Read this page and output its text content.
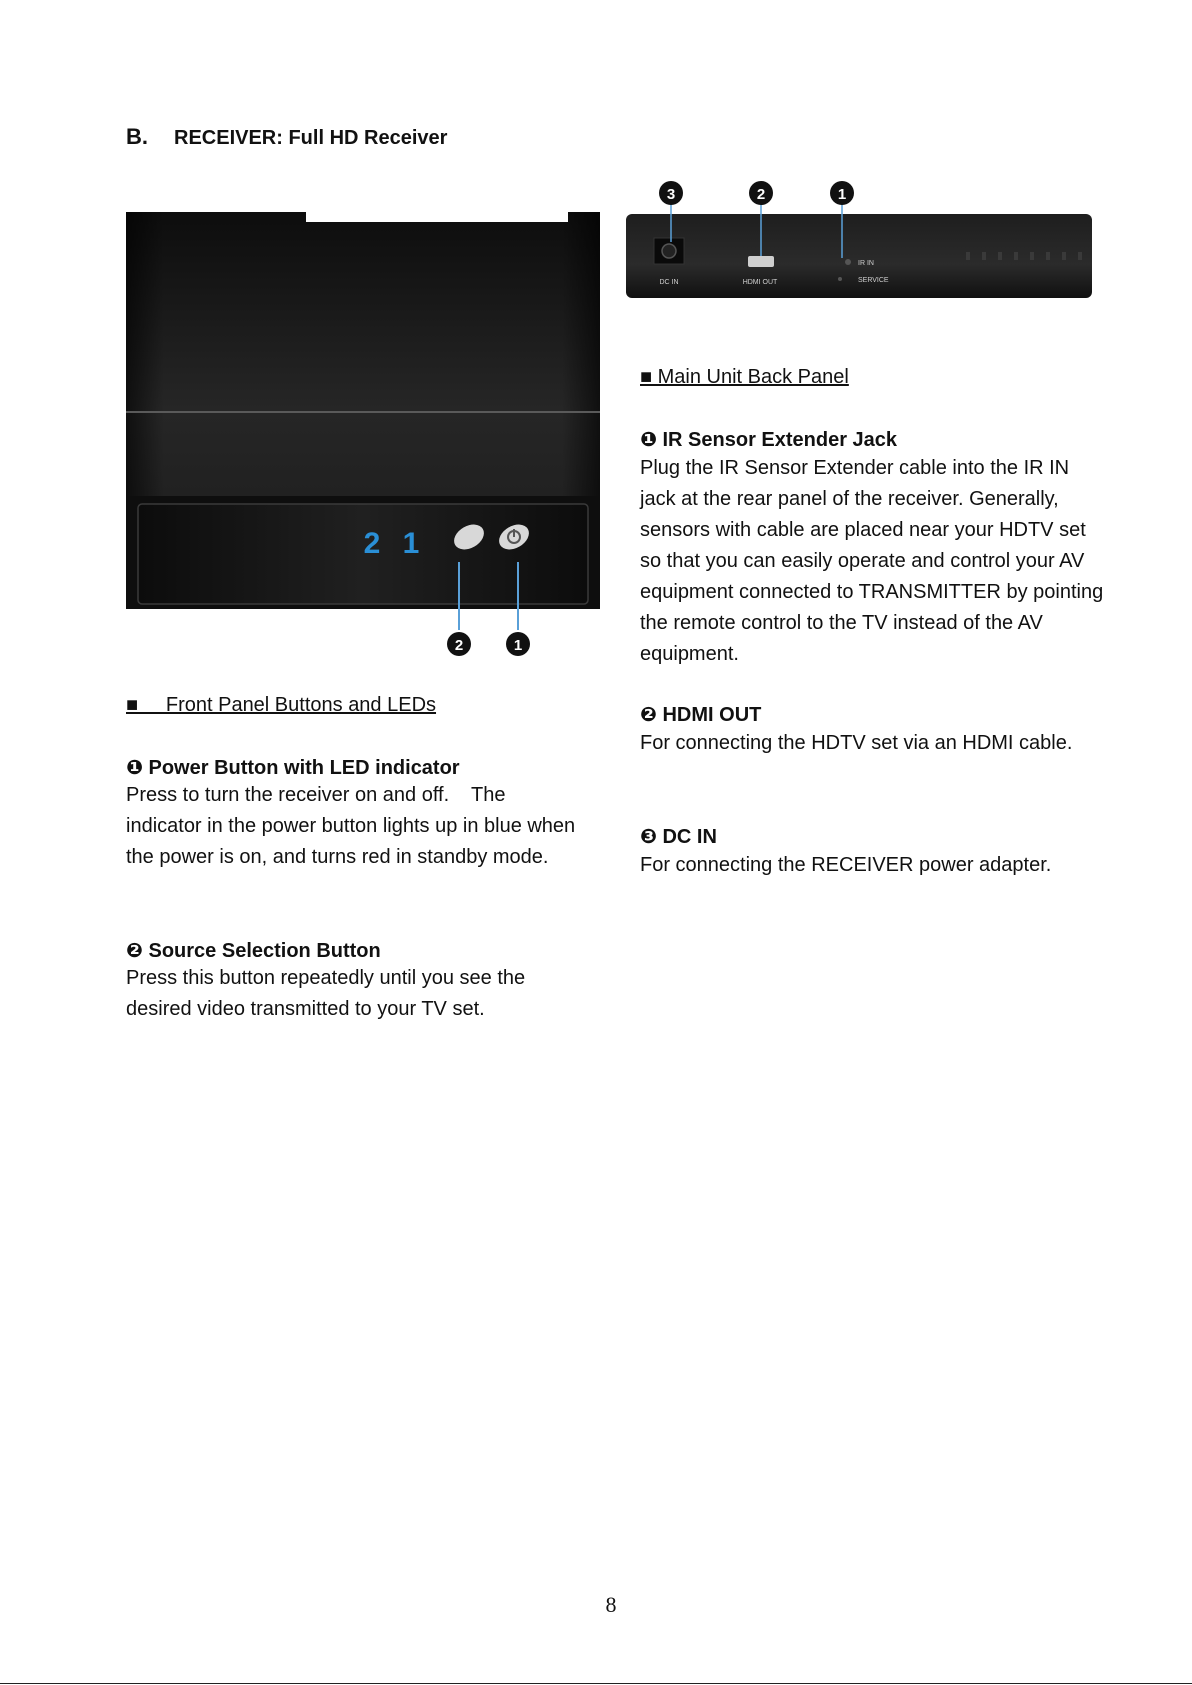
B. RECEIVER: Full HD Receiver
2 1
2	1
DC IN	HDMI OUT
IR IN
SERVICE
3	2	1
■     Front Panel Buttons and LEDs
❶ Power Button with LED indicator
Press to turn the receiver on and off.    The indicator in the power button lights up in blue when the power is on, and turns red in standby mode.
❷ Source Selection Button
Press this button repeatedly until you see the desired video transmitted to your TV set.
■ Main Unit Back Panel
❶ IR Sensor Extender Jack
Plug the IR Sensor Extender cable into the IR IN jack at the rear panel of the receiver. Generally, sensors with cable are placed near your HDTV set so that you can easily operate and control your AV equipment connected to TRANSMITTER by pointing the remote control to the TV instead of the AV equipment.
❷ HDMI OUT
For connecting the HDTV set via an HDMI cable.
❸ DC IN
For connecting the RECEIVER power adapter.
8
